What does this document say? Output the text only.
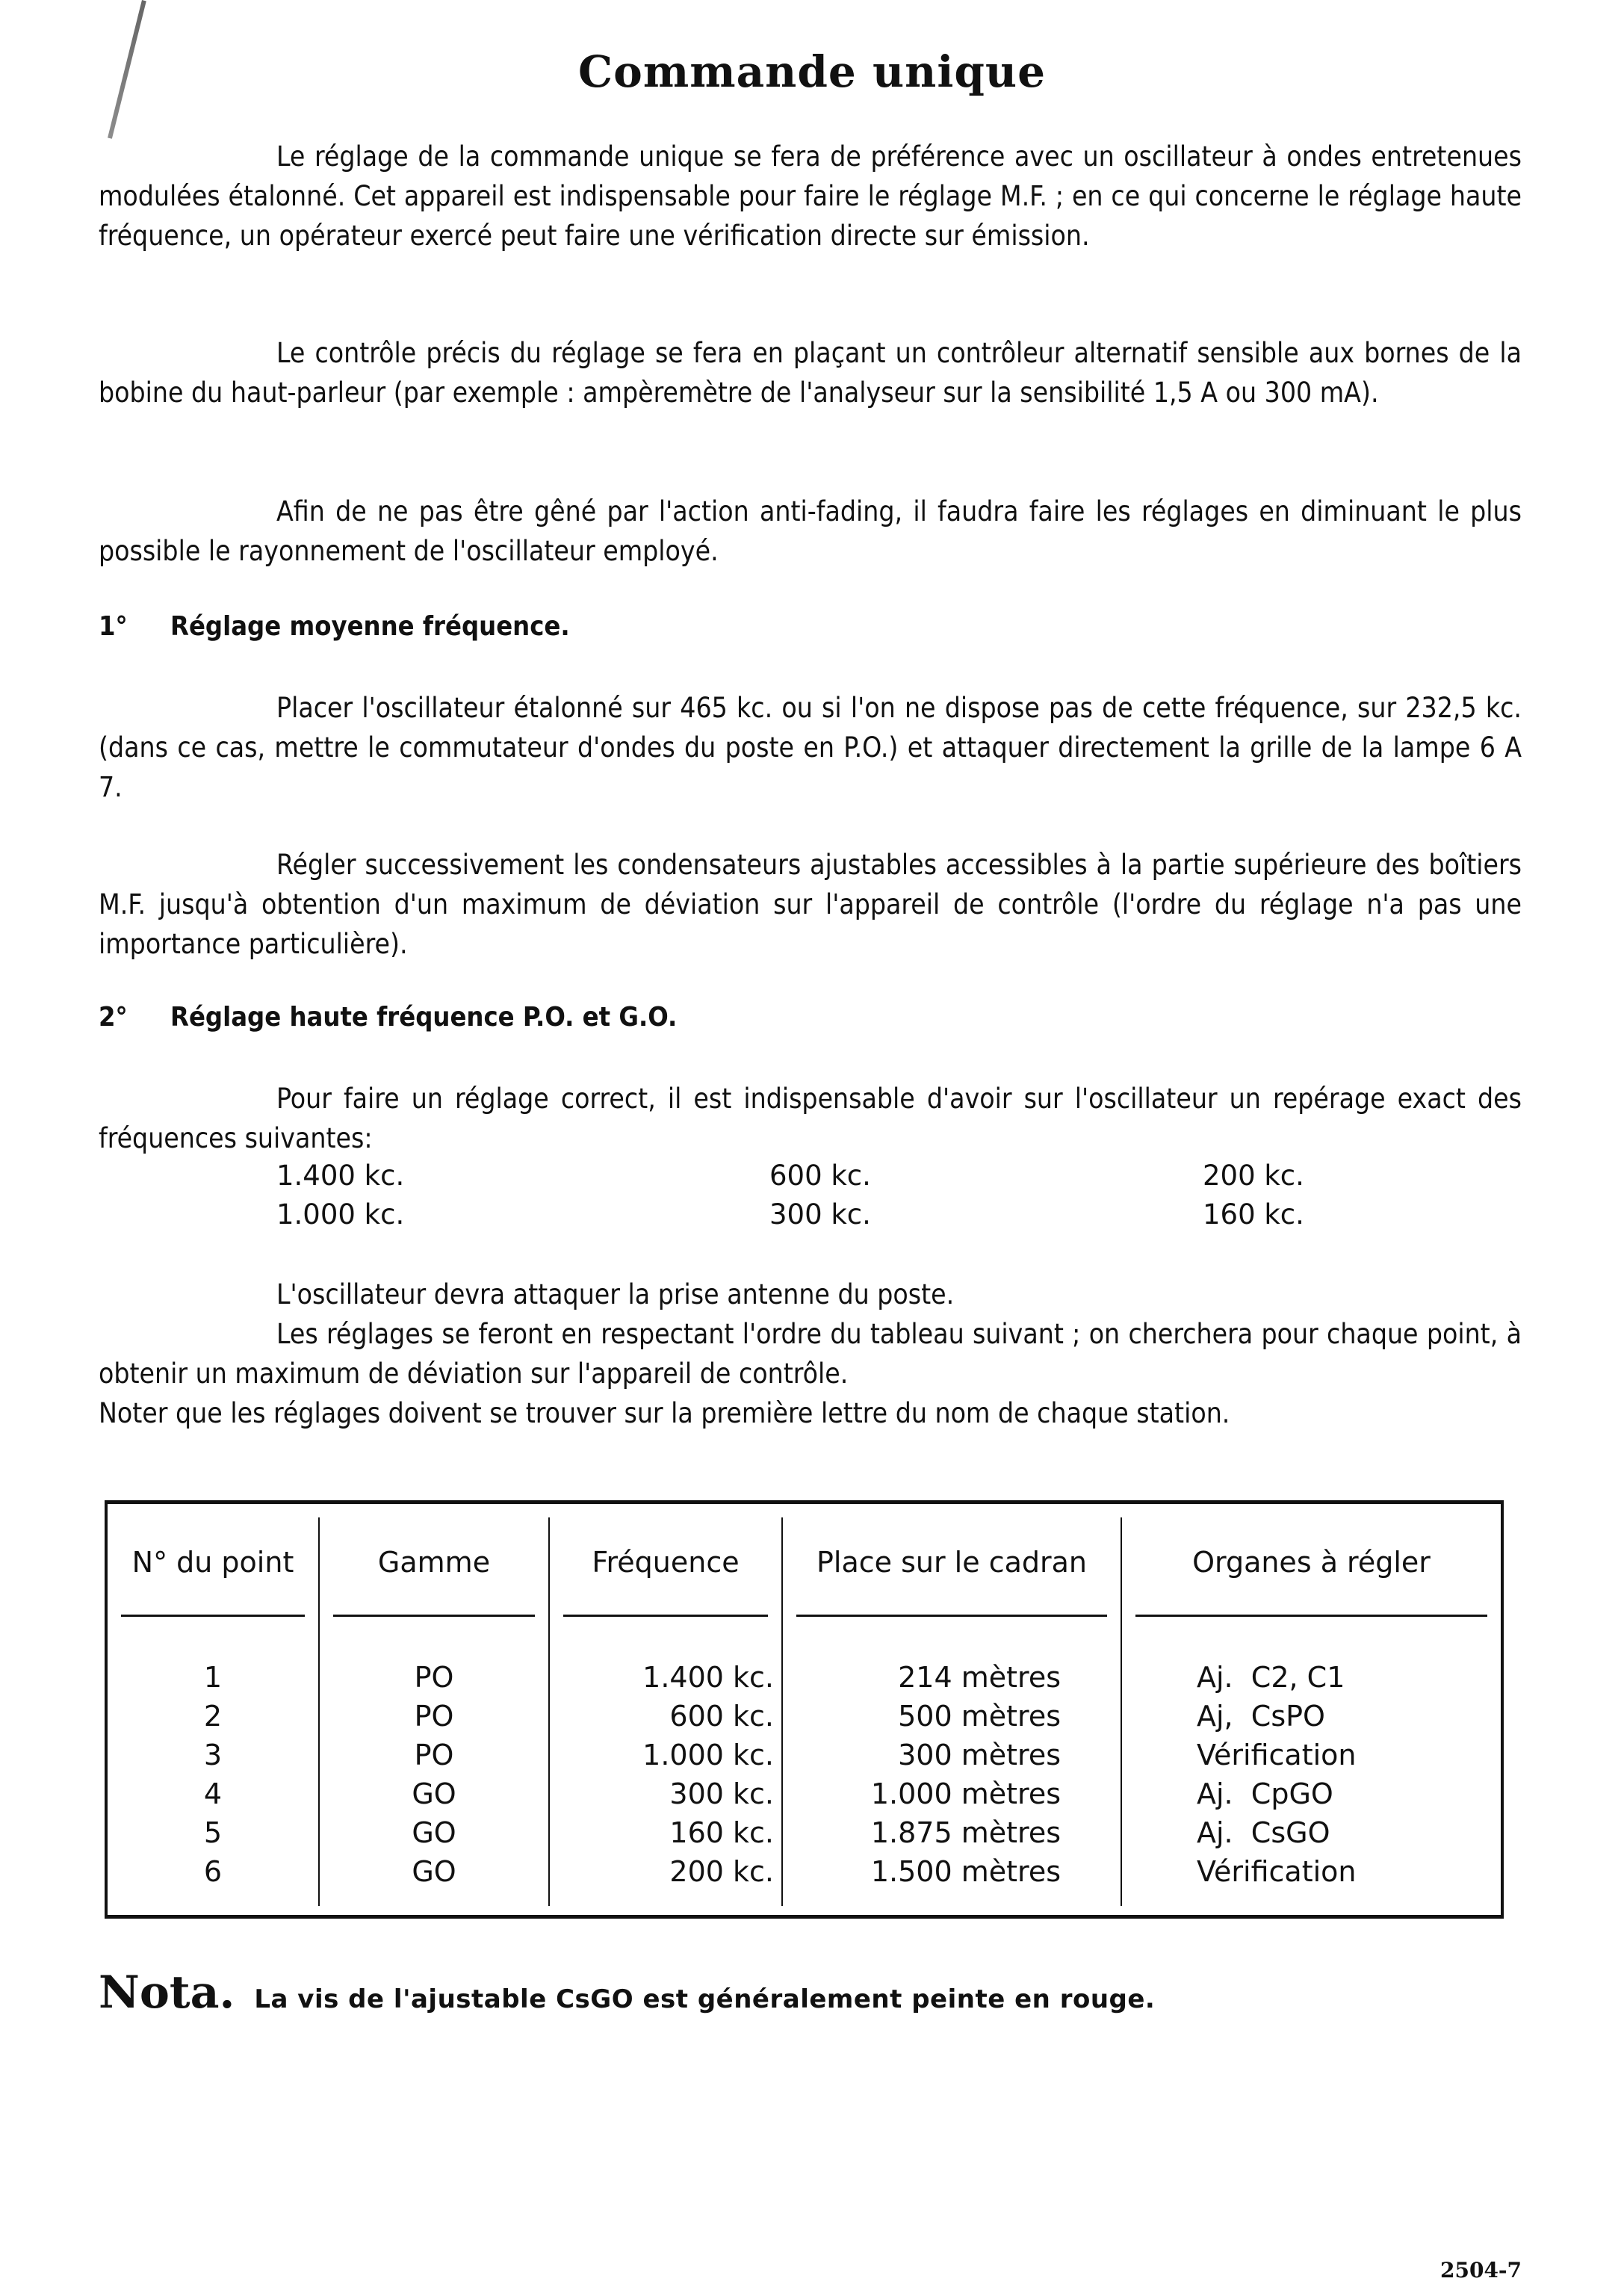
Commande unique

Le réglage de la commande unique se fera de préférence avec un oscillateur à ondes entretenues modulées étalonné. Cet appareil est indispensable pour faire le réglage M.F. ; en ce qui concerne le réglage haute fréquence, un opérateur exercé peut faire une vérification directe sur émission.

Le contrôle précis du réglage se fera en plaçant un contrôleur alternatif sensible aux bornes de la bobine du haut-parleur (par exemple : ampèremètre de l'analyseur sur la sensibilité 1,5 A ou 300 mA).

Afin de ne pas être gêné par l'action anti-fading, il faudra faire les réglages en diminuant le plus possible le rayonnement de l'oscillateur employé.

1° Réglage moyenne fréquence.

Placer l'oscillateur étalonné sur 465 kc. ou si l'on ne dispose pas de cette fréquence, sur 232,5 kc. (dans ce cas, mettre le commutateur d'ondes du poste en P.O.) et attaquer directement la grille de la lampe 6 A 7.

Régler successivement les condensateurs ajustables accessibles à la partie supérieure des boîtiers M.F. jusqu'à obtention d'un maximum de déviation sur l'appareil de contrôle (l'ordre du réglage n'a pas une importance particulière).

2° Réglage haute fréquence P.O. et G.O.

Pour faire un réglage correct, il est indispensable d'avoir sur l'oscillateur un repérage exact des fréquences suivantes:

1.400 kc.	600 kc.	200 kc.
1.000 kc.	300 kc.	160 kc.

L'oscillateur devra attaquer la prise antenne du poste.

Les réglages se feront en respectant l'ordre du tableau suivant ; on cherchera pour chaque point, à obtenir un maximum de déviation sur l'appareil de contrôle.

Noter que les réglages doivent se trouver sur la première lettre du nom de chaque station.

N° du point	Gamme	Fréquence	Place sur le cadran	Organes à régler

1	PO	1.400 kc.	214 mètres	Aj.  C2, C1
2	PO	600 kc.	500 mètres	Aj,  CsPO
3	PO	1.000 kc.	300 mètres	Vérification
4	GO	300 kc.	1.000 mètres	Aj.  CpGO
5	GO	160 kc.	1.875 mètres	Aj.  CsGO
6	GO	200 kc.	1.500 mètres	Vérification

Nota. La vis de l'ajustable CsGO est généralement peinte en rouge.
2504-7
